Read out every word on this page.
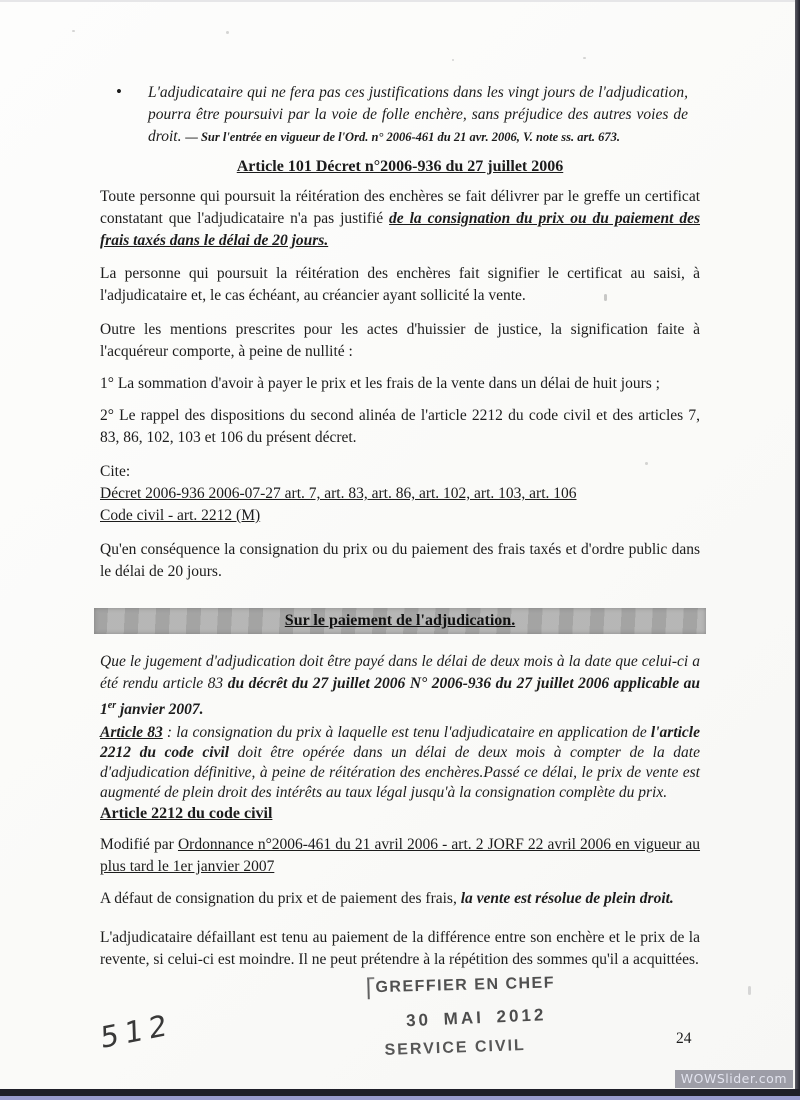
• L'adjudicataire qui ne fera pas ces justifications dans les vingt jours de l'adjudication, pourra être poursuivi par la voie de folle enchère, sans préjudice des autres voies de droit. — Sur l'entrée en vigueur de l'Ord. n° 2006-461 du 21 avr. 2006, V. note ss. art. 673.
Article 101 Décret n°2006-936 du 27 juillet 2006

Toute personne qui poursuit la réitération des enchères se fait délivrer par le greffe un certificat constatant que l'adjudicataire n'a pas justifié de la consignation du prix ou du paiement des frais taxés dans le délai de 20 jours.

La personne qui poursuit la réitération des enchères fait signifier le certificat au saisi, à l'adjudicataire et, le cas échéant, au créancier ayant sollicité la vente.

Outre les mentions prescrites pour les actes d'huissier de justice, la signification faite à l'acquéreur comporte, à peine de nullité :

1° La sommation d'avoir à payer le prix et les frais de la vente dans un délai de huit jours ;

2° Le rappel des dispositions du second alinéa de l'article 2212 du code civil et des articles 7, 83, 86, 102, 103 et 106 du présent décret.

Cite:
Décret 2006-936 2006-07-27 art. 7, art. 83, art. 86, art. 102, art. 103, art. 106
Code civil - art. 2212 (M)

Qu'en conséquence la consignation du prix ou du paiement des frais taxés et d'ordre public dans le délai de 20 jours.

Sur le paiement de l'adjudication.

Que le jugement d'adjudication doit être payé dans le délai de deux mois à la date que celui-ci a été rendu article 83 du décrêt du 27 juillet 2006 N° 2006-936 du 27 juillet 2006 applicable au 1er janvier 2007.

Article 83 : la consignation du prix à laquelle est tenu l'adjudicataire en application de l'article 2212 du code civil doit être opérée dans un délai de deux mois à compter de la date d'adjudication définitive, à peine de réitération des enchères.Passé ce délai, le prix de vente est augmenté de plein droit des intérêts au taux légal jusqu'à la consignation complète du prix.

Article 2212 du code civil

Modifié par Ordonnance n°2006-461 du 21 avril 2006 - art. 2 JORF 22 avril 2006 en vigueur au plus tard le 1er janvier 2007

A défaut de consignation du prix et de paiement des frais, la vente est résolue de plein droit.

L'adjudicataire défaillant est tenu au paiement de la différence entre son enchère et le prix de la revente, si celui-ci est moindre. Il ne peut prétendre à la répétition des sommes qu'il a acquittées.

GREFFIER EN CHEF
30 MAI 2012
SERVICE CIVIL
512	24
WOWSlider.com
